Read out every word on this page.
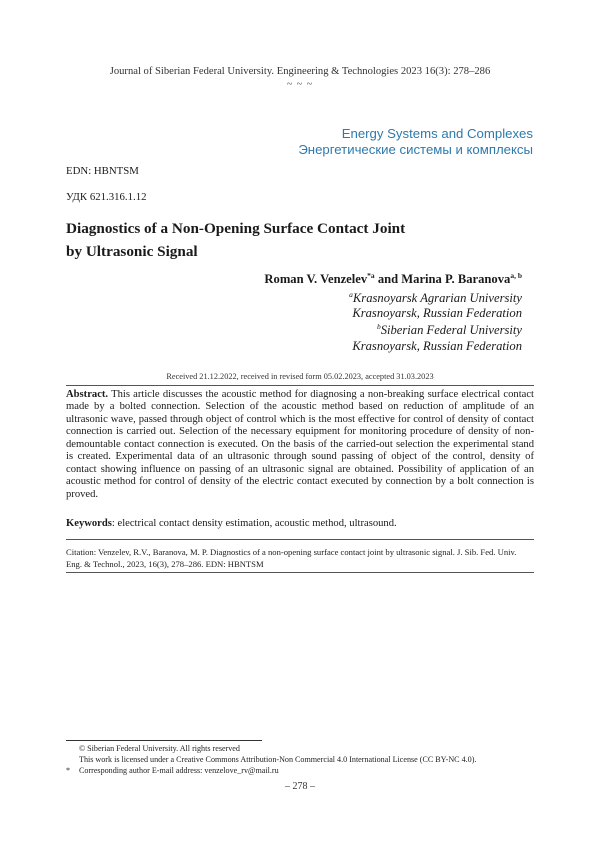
Journal of Siberian Federal University. Engineering & Technologies 2023 16(3): 278–286
~ ~ ~
Energy Systems and Complexes
Энергетические системы и комплексы
EDN: HBNTSM
УДК 621.316.1.12
Diagnostics of a Non-Opening Surface Contact Joint
by Ultrasonic Signal
Roman V. Venzelev$^{*a}$ and Marina P. Baranova$^{a, b}$
$^a$Krasnoyarsk Agrarian University
Krasnoyarsk, Russian Federation
$^b$Siberian Federal University
Krasnoyarsk, Russian Federation
Received 21.12.2022, received in revised form 05.02.2023, accepted 31.03.2023
Abstract. This article discusses the acoustic method for diagnosing a non-breaking surface electrical contact made by a bolted connection. Selection of the acoustic method based on reduction of amplitude of an ultrasonic wave, passed through object of control which is the most effective for control of density of contact connection is carried out. Selection of the necessary equipment for monitoring procedure of density of non-demountable contact connection is executed. On the basis of the carried-out selection the experimental stand is created. Experimental data of an ultrasonic through sound passing of object of the control, density of contact showing influence on passing of an ultrasonic signal are obtained. Possibility of application of an acoustic method for control of density of the electric contact executed by connection by a bolt connection is proved.
Keywords: electrical contact density estimation, acoustic method, ultrasound.
Citation: Venzelev, R.V., Baranova, M. P. Diagnostics of a non-opening surface contact joint by ultrasonic signal. J. Sib. Fed. Univ. Eng. & Technol., 2023, 16(3), 278–286. EDN: HBNTSM
© Siberian Federal University. All rights reserved
This work is licensed under a Creative Commons Attribution-Non Commercial 4.0 International License (CC BY-NC 4.0).
* Corresponding author E-mail address: venzelove_rv@mail.ru
– 278 –
